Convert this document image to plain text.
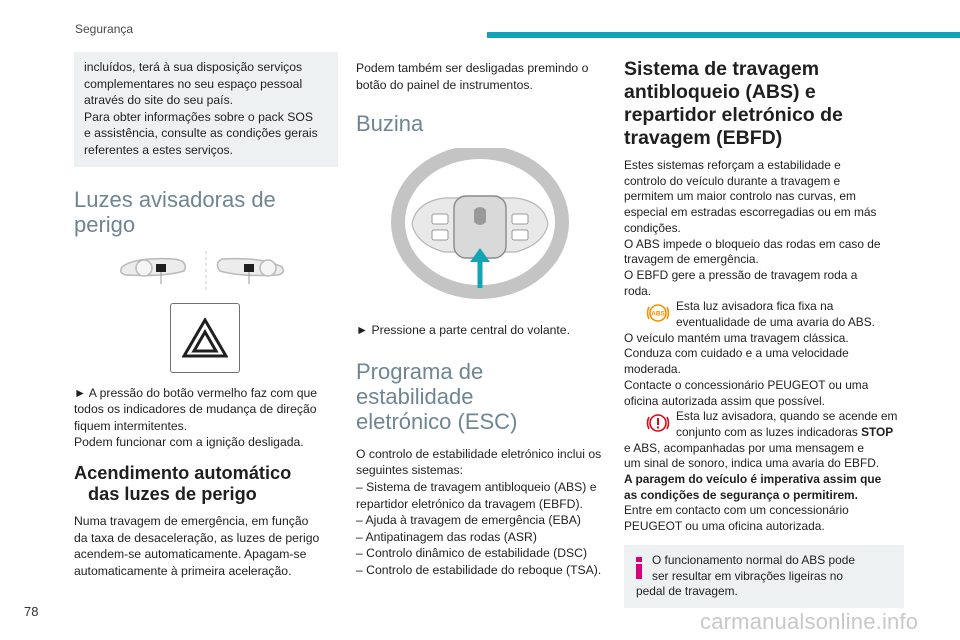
Segurança
incluídos, terá à sua disposição serviços
complementares no seu espaço pessoal
através do site do seu país.
Para obter informações sobre o pack SOS
e assistência, consulte as condições gerais
referentes a estes serviços.
Luzes avisadoras de
perigo
► A pressão do botão vermelho faz com que
todos os indicadores de mudança de direção
fiquem intermitentes.
Podem funcionar com a ignição desligada.
Acendimento automático
das luzes de perigo
Numa travagem de emergência, em função
da taxa de desaceleração, as luzes de perigo
acendem-se automaticamente. Apagam-se
automaticamente à primeira aceleração.
Podem também ser desligadas premindo o
botão do painel de instrumentos.
Buzina
► Pressione a parte central do volante.
Programa de estabilidade
eletrónico (ESC)
O controlo de estabilidade eletrónico inclui os
seguintes sistemas:
– Sistema de travagem antibloqueio (ABS) e
repartidor eletrónico da travagem (EBFD).
– Ajuda à travagem de emergência (EBA)
– Antipatinagem das rodas (ASR)
– Controlo dinâmico de estabilidade (DSC)
– Controlo de estabilidade do reboque (TSA).
Sistema de travagem
antibloqueio (ABS) e
repartidor eletrónico de
travagem (EBFD)
Estes sistemas reforçam a estabilidade e
controlo do veículo durante a travagem e
permitem um maior controlo nas curvas, em
especial em estradas escorregadias ou em más
condições.
O ABS impede o bloqueio das rodas em caso de
travagem de emergência.
O EBFD gere a pressão de travagem roda a
roda.
ABS
Esta luz avisadora fica fixa na
eventualidade de uma avaria do ABS.
O veículo mantém uma travagem clássica.
Conduza com cuidado e a uma velocidade
moderada.
Contacte o concessionário PEUGEOT ou uma
oficina autorizada assim que possível.
Esta luz avisadora, quando se acende em
conjunto com as luzes indicadoras STOP
e ABS, acompanhadas por uma mensagem e
um sinal de sonoro, indica uma avaria do EBFD.
A paragem do veículo é imperativa assim que
as condições de segurança o permitirem.
Entre em contacto com um concessionário
PEUGEOT ou uma oficina autorizada.
O funcionamento normal do ABS pode
ser resultar em vibrações ligeiras no
pedal de travagem.
78	carmanualsonline.info
